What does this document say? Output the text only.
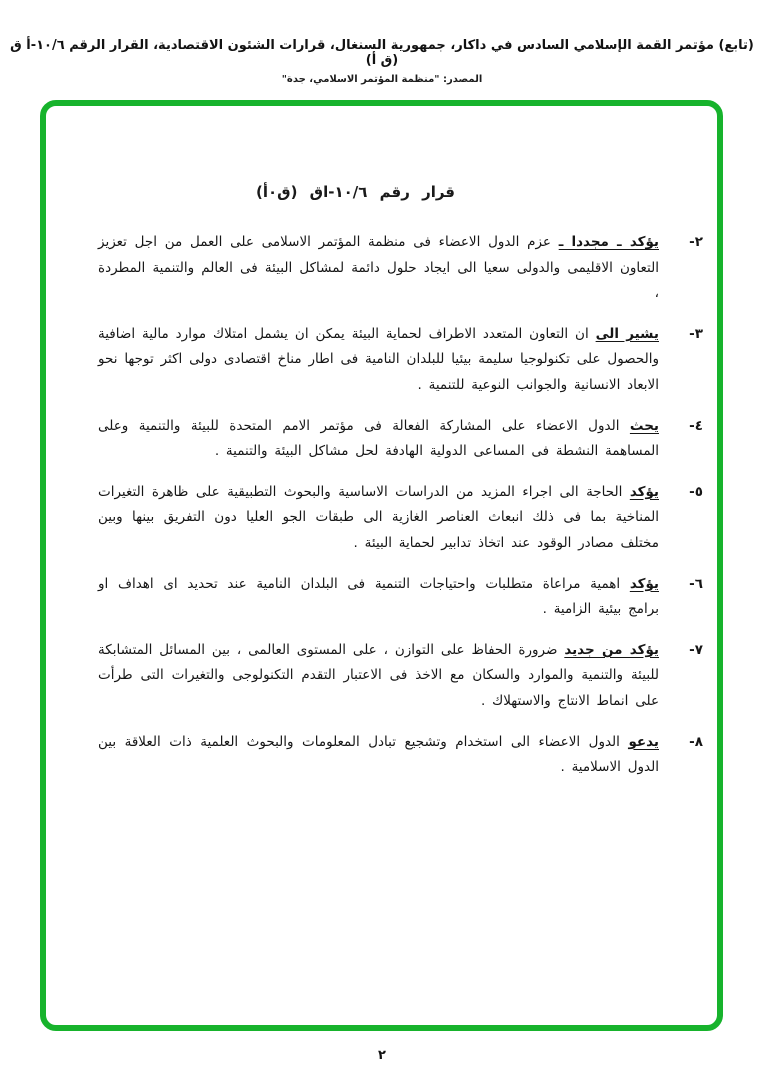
(تابع) مؤتمر القمة الإسلامي السادس في داكار، جمهورية السنغال، قرارات الشئون الاقتصادية، القرار الرقم ١٠/٦-أ ق (ق أ)
المصدر: "منظمة المؤتمر الاسلامي، جدة"
قرار رقم ١٠/٦-اق (ق٠أ)
٢-
يؤكد ـ مجددا ـ عزم الدول الاعضاء فى منظمة المؤتمر الاسلامى على العمل من اجل تعزيز التعاون الاقليمى والدولى سعيا الى ايجاد حلول دائمة لمشاكل البيئة فى العالم والتنمية المطردة ،
٣-
يشير الى ان التعاون المتعدد الاطراف لحماية البيئة يمكن ان يشمل امتلاك موارد مالية اضافية والحصول على تكنولوجيا سليمة بيئيا للبلدان النامية فى اطار مناخ اقتصادى دولى اكثر توجها نحو الابعاد الانسانية والجوانب النوعية للتنمية .
٤-
يحث الدول الاعضاء على المشاركة الفعالة فى مؤتمر الامم المتحدة للبيئة والتنمية وعلى المساهمة النشطة فى المساعى الدولية الهادفة لحل مشاكل البيئة والتنمية .
٥-
يؤكد الحاجة الى اجراء المزيد من الدراسات الاساسية والبحوث التطبيقية على ظاهرة التغيرات المناخية بما فى ذلك انبعاث العناصر الغازية الى طبقات الجو العليا دون التفريق بينها وبين مختلف مصادر الوقود عند اتخاذ تدابير لحماية البيئة .
٦-
يؤكد اهمية مراعاة متطلبات واحتياجات التنمية فى البلدان النامية عند تحديد اى اهداف او برامج بيئية الزامية .
٧-
يؤكد من جديد ضرورة الحفاظ على التوازن ، على المستوى العالمى ، بين المسائل المتشابكة للبيئة والتنمية والموارد والسكان مع الاخذ فى الاعتبار التقدم التكنولوجى والتغيرات التى طرأت على انماط الانتاج والاستهلاك .
٨-
يدعو الدول الاعضاء الى استخدام وتشجيع تبادل المعلومات والبحوث العلمية ذات العلاقة بين الدول الاسلامية .
٢
